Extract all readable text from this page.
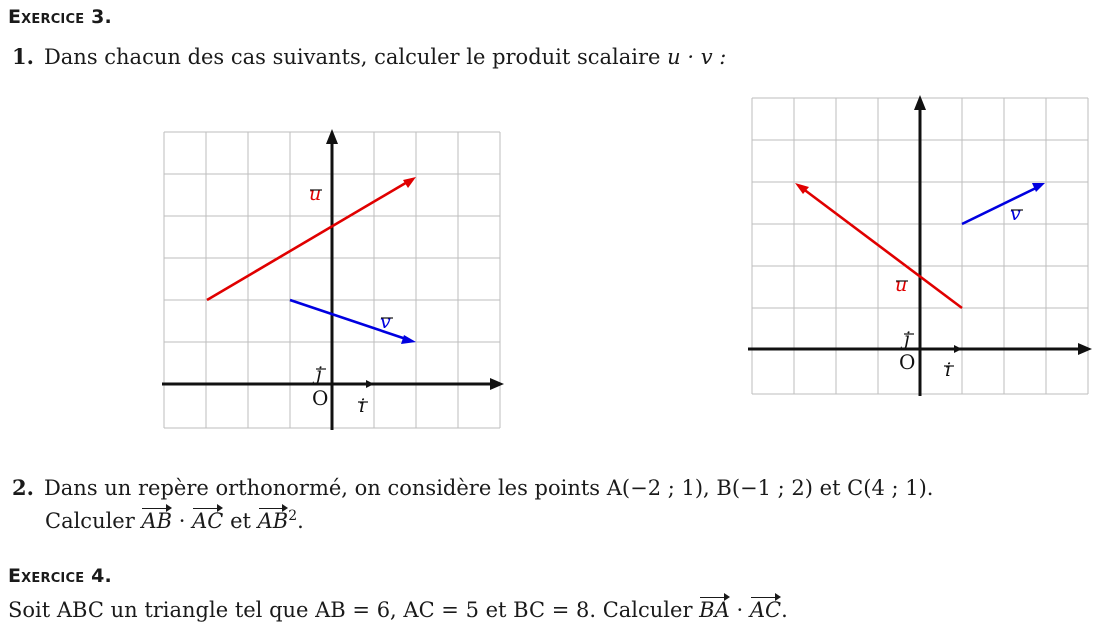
Exercice 3.
1. Dans chacun des cas suivants, calculer le produit scalaire u · v :
u
v
i
j
O
u
v
i
j
O
2. Dans un repère orthonormé, on considère les points A(−2 ; 1), B(−1 ; 2) et C(4 ; 1).
Calculer AB · AC et $AB^2$.
Exercice 4.
Soit ABC un triangle tel que AB = 6, AC = 5 et BC = 8. Calculer BA · AC.
